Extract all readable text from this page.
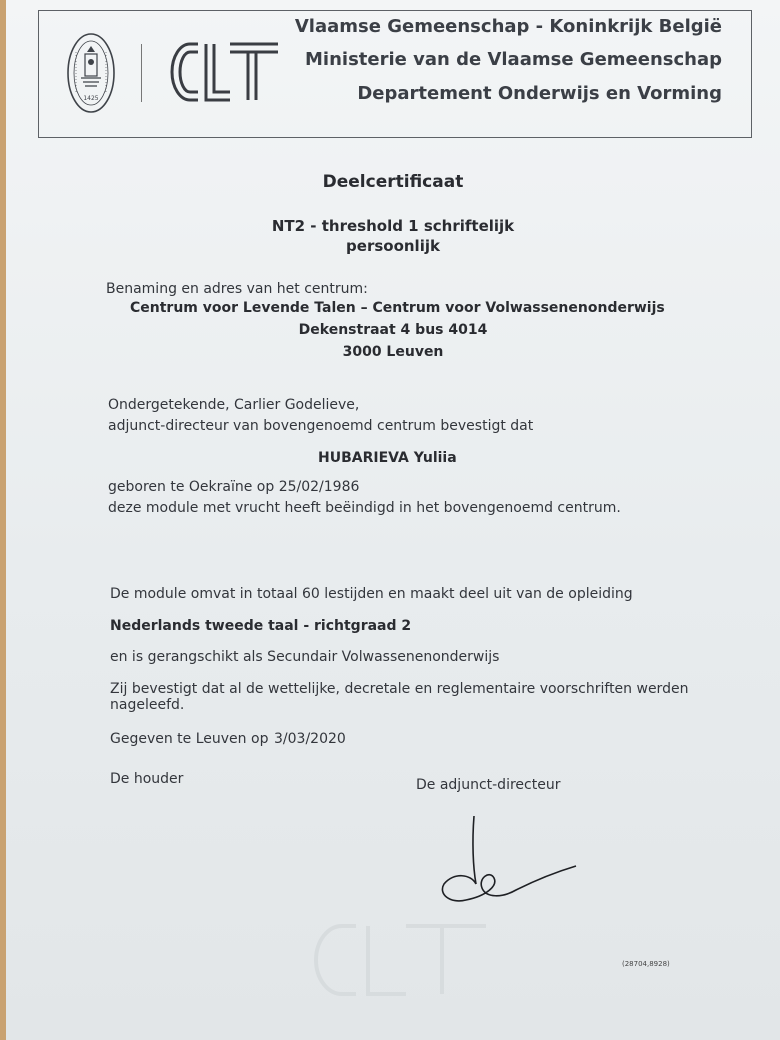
1425
Vlaamse Gemeenschap - Koninkrijk België
Ministerie van de Vlaamse Gemeenschap
Departement Onderwijs en Vorming
Deelcertificaat
NT2 - threshold 1 schriftelijk
persoonlijk
Benaming en adres van het centrum:
Centrum voor Levende Talen – Centrum voor Volwassenenonderwijs
Dekenstraat 4 bus 4014
3000 Leuven
Ondergetekende, Carlier Godelieve,
adjunct-directeur van bovengenoemd centrum bevestigt dat
HUBARIEVA Yuliia
geboren te Oekraïne op 25/02/1986
deze module met vrucht heeft beëindigd in het bovengenoemd centrum.
De module omvat in totaal 60 lestijden en maakt deel uit van de opleiding
Nederlands tweede taal - richtgraad 2
en is gerangschikt als Secundair Volwassenenonderwijs
Zij bevestigt dat al de wettelijke, decretale en reglementaire voorschriften werden
nageleefd.
Gegeven te Leuven op 3/03/2020
De houder	De adjunct-directeur
(28704,8928)
